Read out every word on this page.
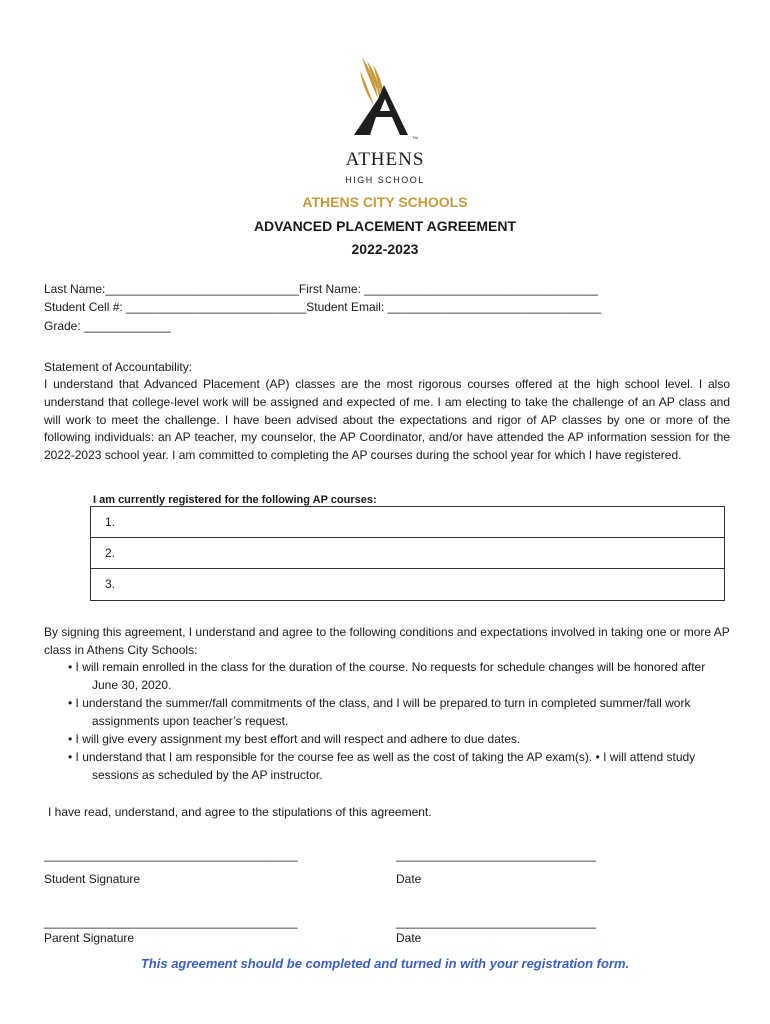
TM
ATHENS
HIGH SCHOOL
ATHENS CITY SCHOOLS
ADVANCED PLACEMENT AGREEMENT
2022-2023
Last Name:_____________________________First Name: ___________________________________
Student Cell #: ___________________________Student Email: ________________________________
Grade: _____________
Statement of Accountability:
I understand that Advanced Placement (AP) classes are the most rigorous courses offered at the high school level. I also understand that college-level work will be assigned and expected of me. I am electing to take the challenge of an AP class and will work to meet the challenge. I have been advised about the expectations and rigor of AP classes by one or more of the following individuals: an AP teacher, my counselor, the AP Coordinator, and/or have attended the AP information session for the 2022-2023 school year. I am committed to completing the AP courses during the school year for which I have registered.
I am currently registered for the following AP courses:
1.
2.
3.
By signing this agreement, I understand and agree to the following conditions and expectations involved in taking one or more AP class in Athens City Schools:
• I will remain enrolled in the class for the duration of the course. No requests for schedule changes will be honored after June 30, 2020.
• I understand the summer/fall commitments of the class, and I will be prepared to turn in completed summer/fall work assignments upon teacher’s request.
• I will give every assignment my best effort and will respect and adhere to due dates.
• I understand that I am responsible for the course fee as well as the cost of taking the AP exam(s). • I will attend study sessions as scheduled by the AP instructor.
I have read, understand, and agree to the stipulations of this agreement.
______________________________________	______________________________
Student Signature	Date
______________________________________	______________________________
Parent Signature	Date
This agreement should be completed and turned in with your registration form.
